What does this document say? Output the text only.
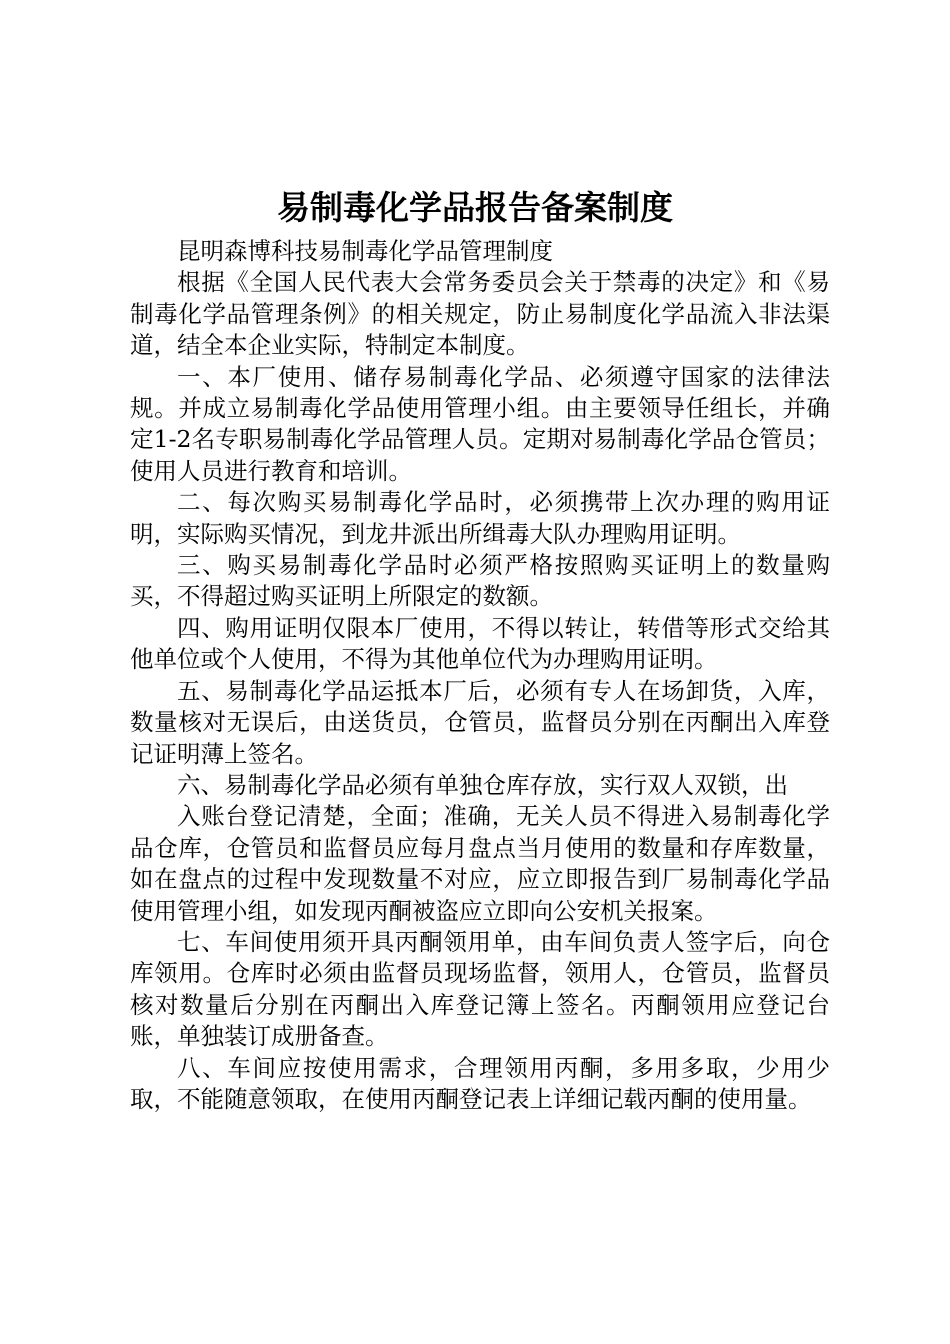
易制毒化学品报告备案制度

昆明森博科技易制毒化学品管理制度

根据《全国人民代表大会常务委员会关于禁毒的决定》和《易制毒化学品管理条例》的相关规定，防止易制度化学品流入非法渠道，结全本企业实际，特制定本制度。

一、本厂使用、储存易制毒化学品、必须遵守国家的法律法规。并成立易制毒化学品使用管理小组。由主要领导任组长，并确定1-2名专职易制毒化学品管理人员。定期对易制毒化学品仓管员；使用人员进行教育和培训。

二、每次购买易制毒化学品时，必须携带上次办理的购用证明，实际购买情况，到龙井派出所缉毒大队办理购用证明。

三、购买易制毒化学品时必须严格按照购买证明上的数量购买，不得超过购买证明上所限定的数额。

四、购用证明仅限本厂使用，不得以转让，转借等形式交给其他单位或个人使用，不得为其他单位代为办理购用证明。

五、易制毒化学品运抵本厂后，必须有专人在场卸货，入库，数量核对无误后，由送货员，仓管员，监督员分别在丙酮出入库登记证明薄上签名。

六、易制毒化学品必须有单独仓库存放，实行双人双锁，出

入账台登记清楚，全面；准确，无关人员不得进入易制毒化学品仓库，仓管员和监督员应每月盘点当月使用的数量和存库数量，如在盘点的过程中发现数量不对应，应立即报告到厂易制毒化学品使用管理小组，如发现丙酮被盗应立即向公安机关报案。

七、车间使用须开具丙酮领用单，由车间负责人签字后，向仓库领用。仓库时必须由监督员现场监督，领用人，仓管员，监督员核对数量后分别在丙酮出入库登记簿上签名。丙酮领用应登记台账，单独装订成册备查。

八、车间应按使用需求，合理领用丙酮，多用多取，少用少取，不能随意领取，在使用丙酮登记表上详细记载丙酮的使用量。
